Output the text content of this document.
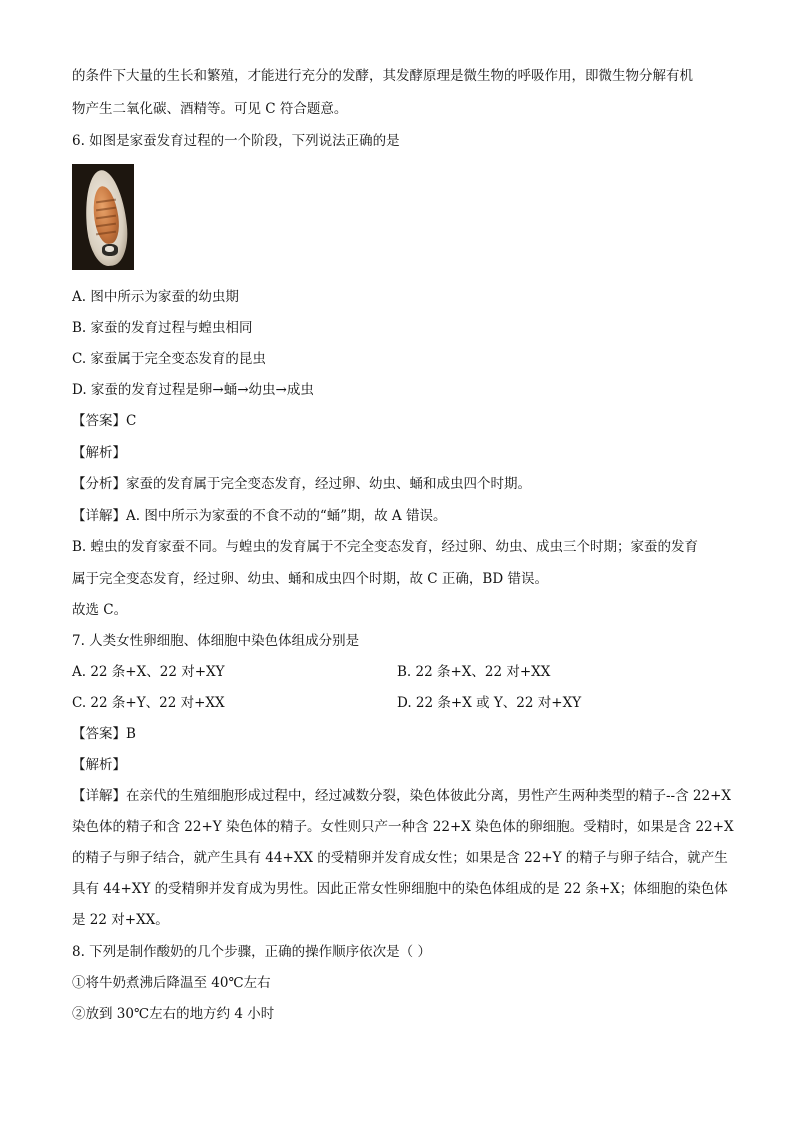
的条件下大量的生长和繁殖，才能进行充分的发酵，其发酵原理是微生物的呼吸作用，即微生物分解有机
物产生二氧化碳、酒精等。可见 C 符合题意。
6. 如图是家蚕发育过程的一个阶段，下列说法正确的是
A. 图中所示为家蚕的幼虫期
B. 家蚕的发育过程与蝗虫相同
C. 家蚕属于完全变态发育的昆虫
D. 家蚕的发育过程是卵→蛹→幼虫→成虫
【答案】C
【解析】
【分析】家蚕的发育属于完全变态发育，经过卵、幼虫、蛹和成虫四个时期。
【详解】A. 图中所示为家蚕的不食不动的“蛹”期，故 A 错误。
B. 蝗虫的发育家蚕不同。与蝗虫的发育属于不完全变态发育，经过卵、幼虫、成虫三个时期；家蚕的发育
属于完全变态发育，经过卵、幼虫、蛹和成虫四个时期，故 C 正确，BD 错误。
故选 C。
7. 人类女性卵细胞、体细胞中染色体组成分别是
A. 22 条+X、22 对+XY	B. 22 条+X、22 对+XX
C. 22 条+Y、22 对+XX	D. 22 条+X 或 Y、22 对+XY
【答案】B
【解析】
【详解】在亲代的生殖细胞形成过程中，经过减数分裂，染色体彼此分离，男性产生两种类型的精子--含 22+X
染色体的精子和含 22+Y 染色体的精子。女性则只产一种含 22+X 染色体的卵细胞。受精时，如果是含 22+X
的精子与卵子结合，就产生具有 44+XX 的受精卵并发育成女性；如果是含 22+Y 的精子与卵子结合，就产生
具有 44+XY 的受精卵并发育成为男性。因此正常女性卵细胞中的染色体组成的是 22 条+X；体细胞的染色体
是 22 对+XX。
8. 下列是制作酸奶的几个步骤，正确的操作顺序依次是（ ）
①将牛奶煮沸后降温至 40℃左右
②放到 30℃左右的地方约 4 小时
